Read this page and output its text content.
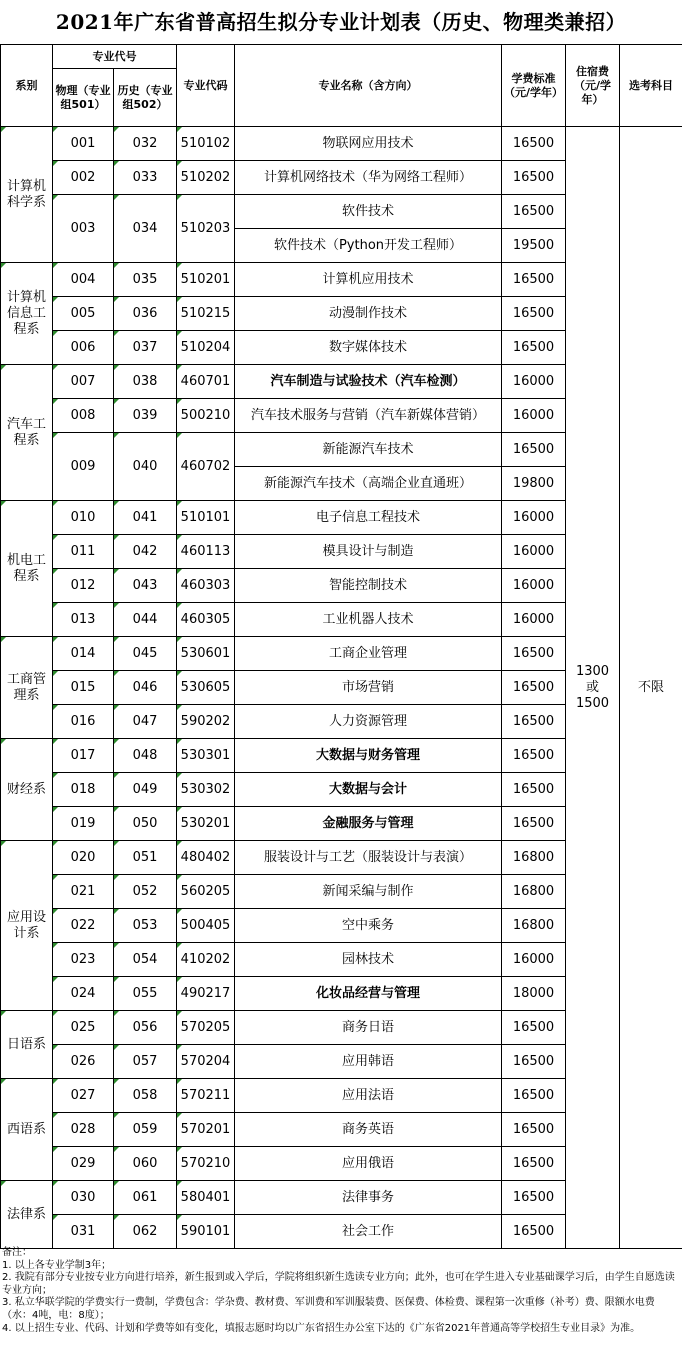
2021年广东省普高招生拟分专业计划表（历史、物理类兼招）
系别	专业代号		专业代码	专业名称（含方向）	学费标准（元/学年）	住宿费（元/学年）	选考科目
	物理（专业组501）	历史（专业组502）					
计算机科学系	001	032	510102	物联网应用技术	16500	1300
或
1500	不限
	002	033	510202	计算机网络技术（华为网络工程师）	16500		
	003	034	510203	软件技术	16500		
				软件技术（Python开发工程师）	19500		
计算机信息工程系	004	035	510201	计算机应用技术	16500		
	005	036	510215	动漫制作技术	16500		
	006	037	510204	数字媒体技术	16500		
汽车工程系	007	038	460701	汽车制造与试验技术（汽车检测）	16000		
	008	039	500210	汽车技术服务与营销（汽车新媒体营销）	16000		
	009	040	460702	新能源汽车技术	16500		
				新能源汽车技术（高端企业直通班）	19800		
机电工程系	010	041	510101	电子信息工程技术	16000		
	011	042	460113	模具设计与制造	16000		
	012	043	460303	智能控制技术	16000		
	013	044	460305	工业机器人技术	16000		
工商管理系	014	045	530601	工商企业管理	16500		
	015	046	530605	市场营销	16500		
	016	047	590202	人力资源管理	16500		
财经系	017	048	530301	大数据与财务管理	16500		
	018	049	530302	大数据与会计	16500		
	019	050	530201	金融服务与管理	16500		
应用设计系	020	051	480402	服装设计与工艺（服装设计与表演）	16800		
	021	052	560205	新闻采编与制作	16800		
	022	053	500405	空中乘务	16800		
	023	054	410202	园林技术	16000		
	024	055	490217	化妆品经营与管理	18000		
日语系	025	056	570205	商务日语	16500		
	026	057	570204	应用韩语	16500		
西语系	027	058	570211	应用法语	16500		
	028	059	570201	商务英语	16500		
	029	060	570210	应用俄语	16500		
法律系	030	061	580401	法律事务	16500		
	031	062	590101	社会工作	16500		
备注：
1. 以上各专业学制3年；
2. 我院有部分专业按专业方向进行培养，新生报到或入学后，学院将组织新生选读专业方向；此外，也可在学生进入专业基础课学习后，由学生自愿选读专业方向；
3. 私立华联学院的学费实行一费制，学费包含：学杂费、教材费、军训费和军训服装费、医保费、体检费、课程第一次重修（补考）费、限额水电费（水：4吨，电：8度）；
4. 以上招生专业、代码、计划和学费等如有变化，填报志愿时均以广东省招生办公室下达的《广东省2021年普通高等学校招生专业目录》为准。
